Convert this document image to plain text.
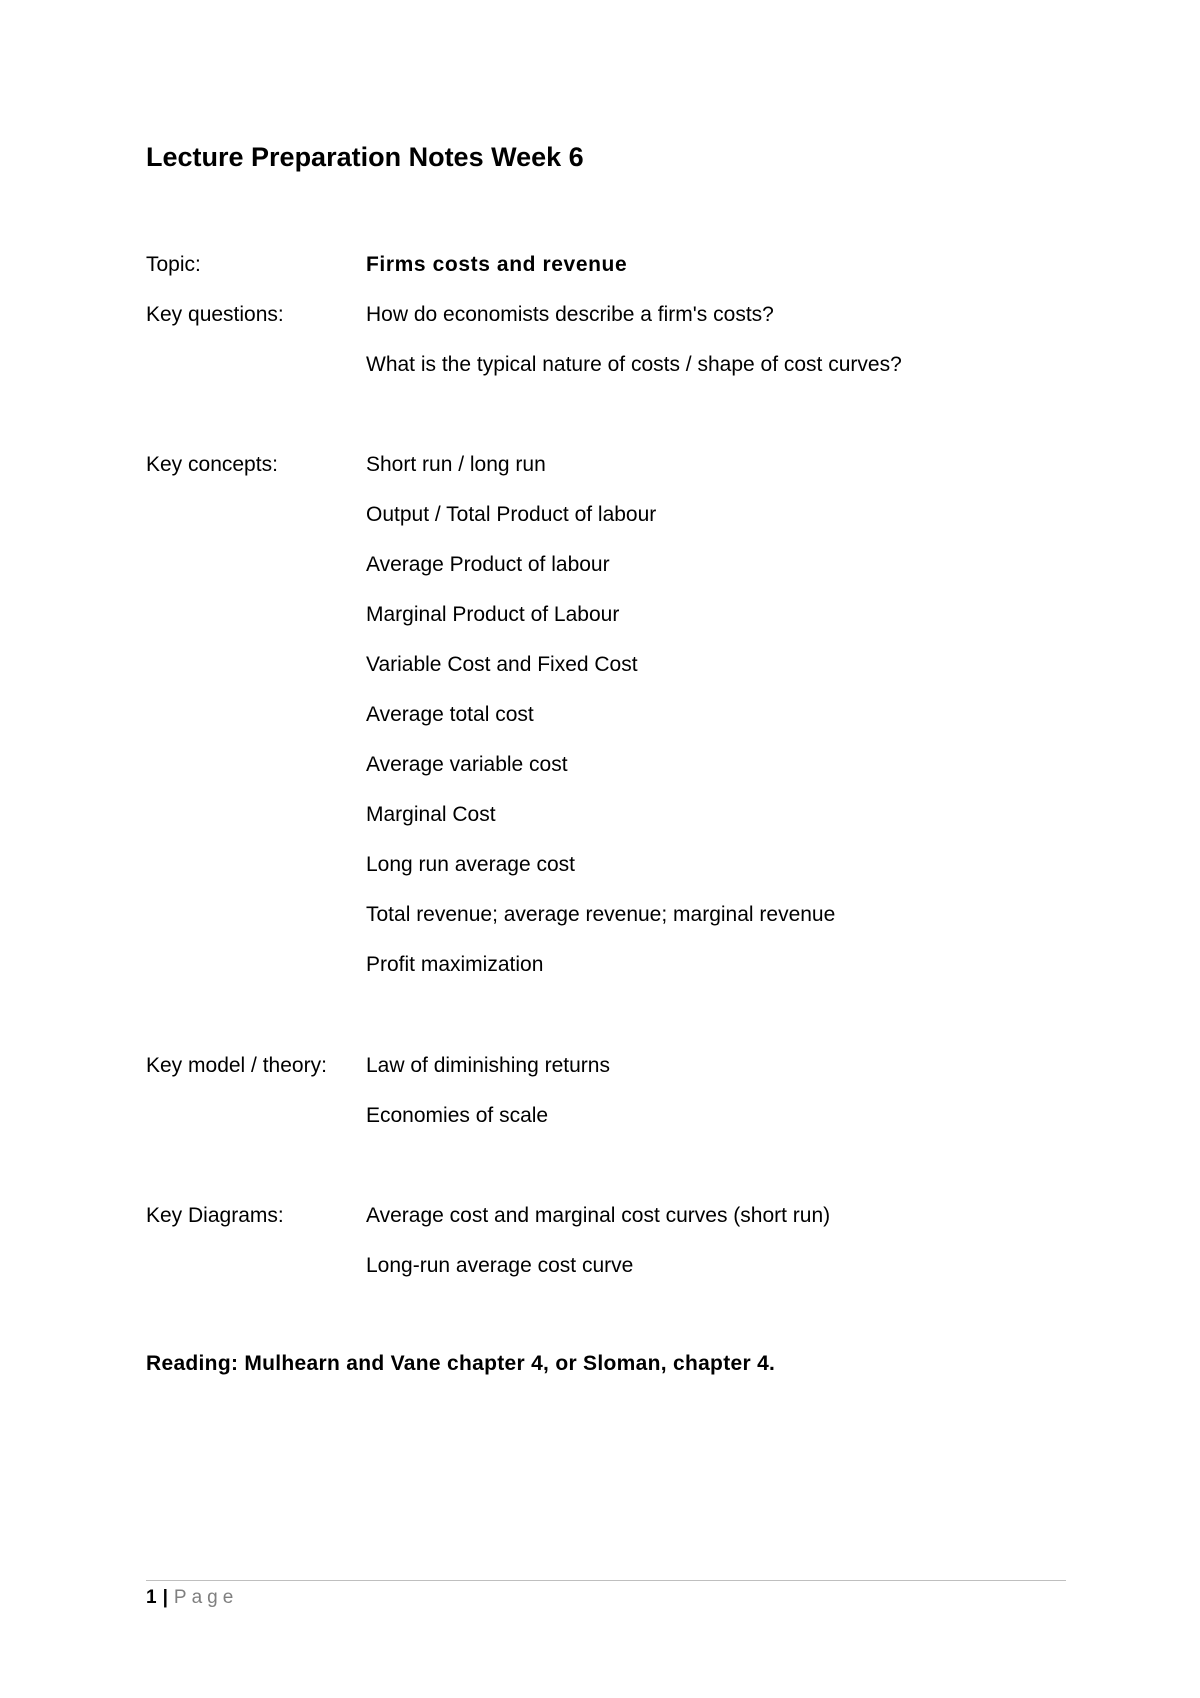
Lecture Preparation Notes Week 6
Topic:	Firms costs and revenue
Key questions:	How do economists describe a firm's costs?
What is the typical nature of costs / shape of cost curves?
Key concepts:	Short run / long run
Output / Total Product of labour
Average Product of labour
Marginal Product of Labour
Variable Cost and Fixed Cost
Average total cost
Average variable cost
Marginal Cost
Long run average cost
Total revenue; average revenue; marginal revenue
Profit maximization
Key model / theory: Law of diminishing returns
Economies of scale
Key Diagrams:	Average cost and marginal cost curves (short run)
Long-run average cost curve
Reading: Mulhearn and Vane chapter 4, or Sloman, chapter 4.
1 | Page
